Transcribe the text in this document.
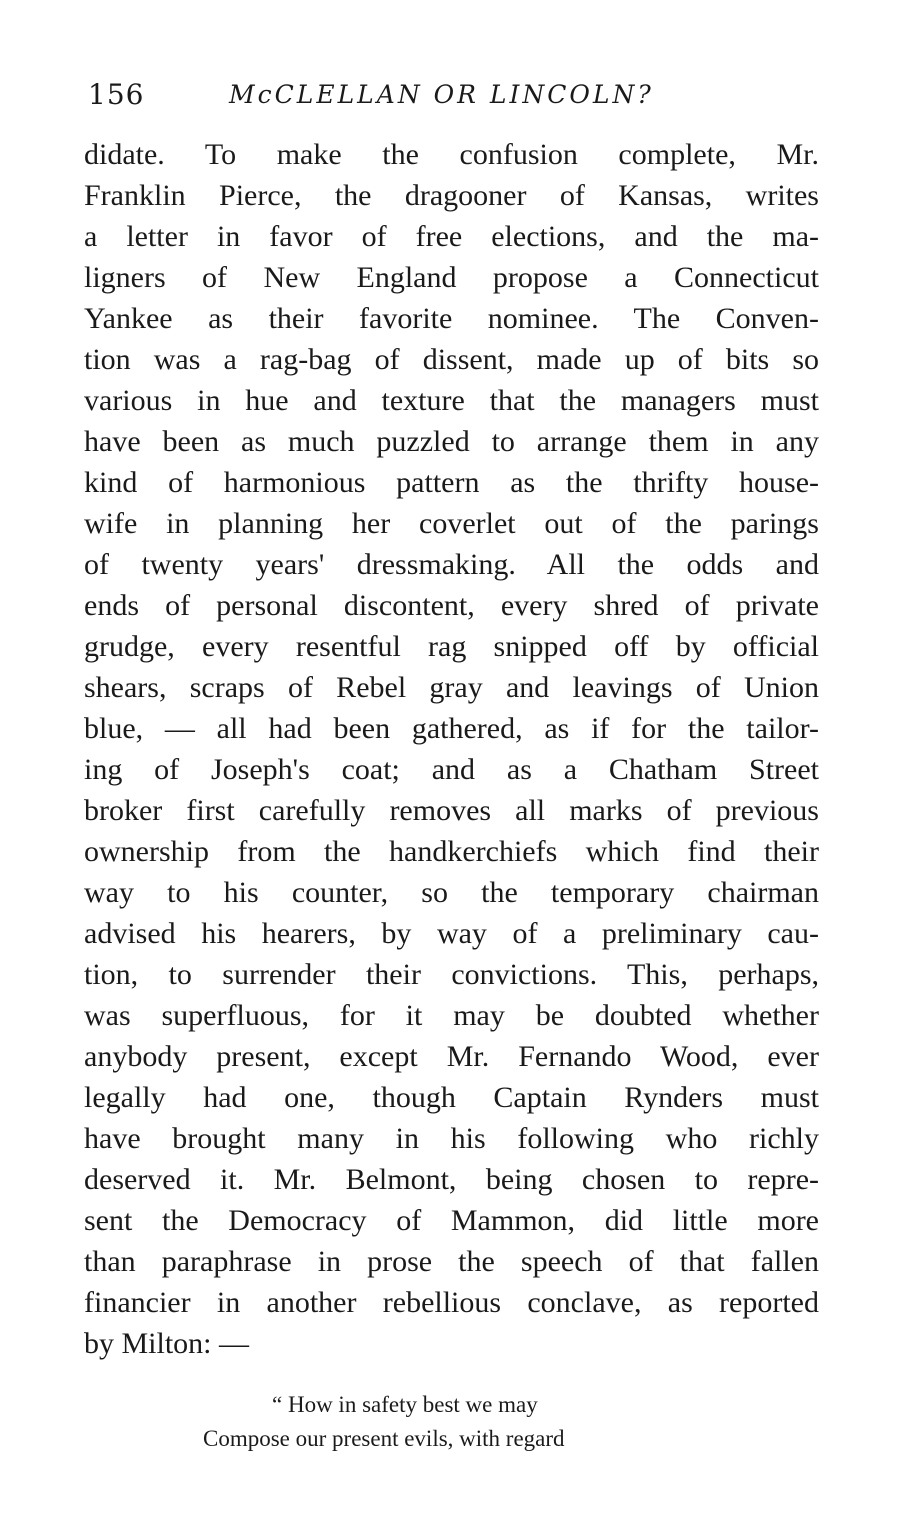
156	McCLELLAN OR LINCOLN?
didate. To make the confusion complete, Mr.
Franklin Pierce, the dragooner of Kansas, writes
a letter in favor of free elections, and the ma-
ligners of New England propose a Connecticut
Yankee as their favorite nominee. The Conven-
tion was a rag-bag of dissent, made up of bits so
various in hue and texture that the managers must
have been as much puzzled to arrange them in any
kind of harmonious pattern as the thrifty house-
wife in planning her coverlet out of the parings
of twenty years' dressmaking. All the odds and
ends of personal discontent, every shred of private
grudge, every resentful rag snipped off by official
shears, scraps of Rebel gray and leavings of Union
blue, — all had been gathered, as if for the tailor-
ing of Joseph's coat; and as a Chatham Street
broker first carefully removes all marks of previous
ownership from the handkerchiefs which find their
way to his counter, so the temporary chairman
advised his hearers, by way of a preliminary cau-
tion, to surrender their convictions. This, perhaps,
was superfluous, for it may be doubted whether
anybody present, except Mr. Fernando Wood, ever
legally had one, though Captain Rynders must
have brought many in his following who richly
deserved it. Mr. Belmont, being chosen to repre-
sent the Democracy of Mammon, did little more
than paraphrase in prose the speech of that fallen
financier in another rebellious conclave, as reported
by Milton: —
“ How in safety best we may
Compose our present evils, with regard
